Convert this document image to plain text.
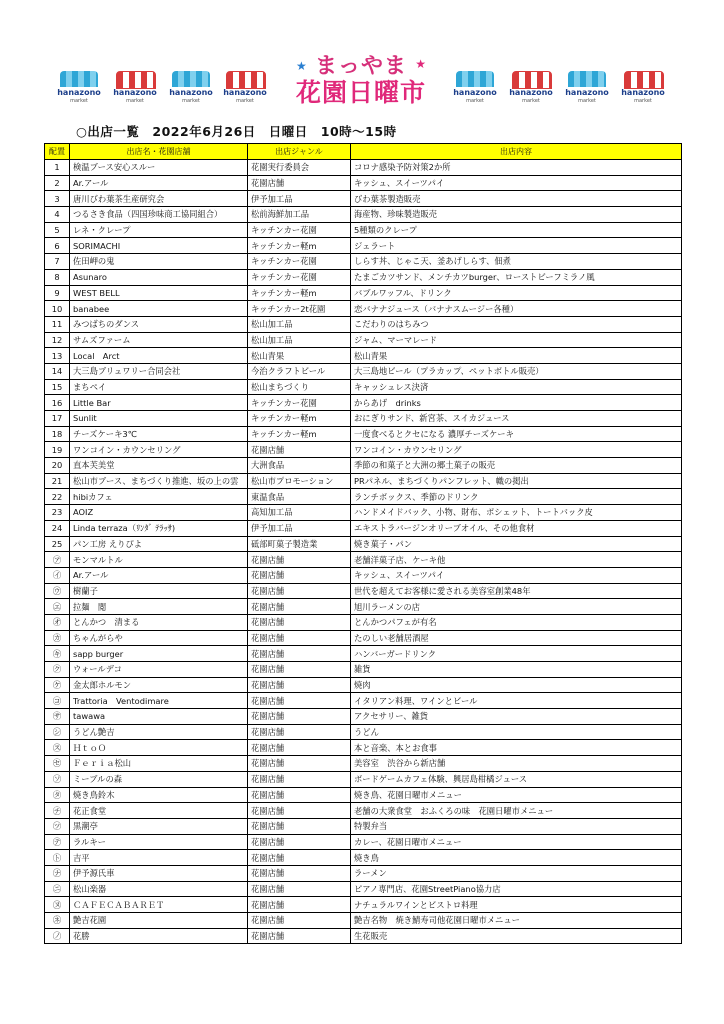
hanazono
market
hanazono
market
hanazono
market
hanazono
market
hanazono
market
hanazono
market
hanazono
market
hanazono
market
★	★
まっやま
花園日曜市
○出店一覧　2022年6月26日　日曜日　10時～15時
配置	出店名・花園店舗	出店ジャンル	出店内容
1	検温ブース安心スルー	花園実行委員会	コロナ感染予防対策2か所
2	Ar.アール	花園店舗	キッシュ、スイーツパイ
3	唐川びわ葉茶生産研究会	伊予加工品	びわ葉茶製造販売
4	つるさき食品（四国珍味商工協同組合）	松前海鮮加工品	海産物、珍味製造販売
5	レネ・クレープ	キッチンカー花園	5種類のクレープ
6	SORIMACHI	キッチンカー軽m	ジェラート
7	佐田岬の鬼	キッチンカー花園	しらす丼、じゃこ天、釜あげしらす、佃煮
8	Asunaro	キッチンカー花園	たまごカツサンド、メンチカツburger、ローストビーフミラノ風
9	WEST BELL	キッチンカー軽m	バブルワッフル、ドリンク
10	banabee	キッチンカー2t花園	恋バナナジュース（バナナスムージー各種）
11	みつばちのダンス	松山加工品	こだわりのはちみつ
12	サムズファーム	松山加工品	ジャム、マーマレード
13	Local　Arct	松山青果	松山青果
14	大三島ブリュワリー合同会社	今治クラフトビール	大三島地ビール（プラカップ、ペットボトル販売）
15	まちペイ	松山まちづくり	キャッシュレス決済
16	Little Bar	キッチンカー花園	からあげ　drinks
17	Sunlit	キッチンカー軽m	おにぎりサンド、新宮茶、スイカジュース
18	チーズケーキ3℃	キッチンカー軽m	一度食べるとクセになる 濃厚チーズケーキ
19	ワンコイン・カウンセリング	花園店舗	ワンコイン・カウンセリング
20	直本芙美堂	大洲食品	季節の和菓子と大洲の郷土菓子の販売
21	松山市ブース、まちづくり推進、坂の上の雲	松山市プロモーション	PRパネル、まちづくりパンフレット、幟の掲出
22	hibiカフェ	東温食品	ランチボックス、季節のドリンク
23	AOIZ	高知加工品	ハンドメイドバック、小物、財布、ポシェット、トートバック皮
24	Linda terraza（ﾘﾝﾀﾞ ﾃﾗｯｻ)	伊予加工品	エキストラバージンオリーブオイル、その他食材
25	パン工房 えりぴよ	砥部町菓子製造業	焼き菓子・パン
㋐	モンマルトル	花園店舗	老舗洋菓子店、ケーキ他
㋑	Ar.アール	花園店舗	キッシュ、スイーツパイ
㋒	樹蘭子	花園店舗	世代を超えてお客様に愛される美容室創業48年
㋓	拉麺　閲	花園店舗	旭川ラーメンの店
㋔	とんかつ　清まる	花園店舗	とんかつパフェが有名
㋕	ちゃんがらや	花園店舗	たのしい老舗居酒屋
㋖	sapp burger	花園店舗	ハンバーガードリンク
㋗	ウォールデコ	花園店舗	雑貨
㋘	金太郎ホルモン	花園店舗	焼肉
㋙	Trattoria　Ventodimare	花園店舗	イタリアン料理、ワインとビール
㋚	tawawa	花園店舗	アクセサリー、雑貨
㋛	うどん艶吉	花園店舗	うどん
㋜	ＨｔｏＯ	花園店舗	本と音楽、本とお食事
㋝	Ｆｅｒｉａ松山	花園店舗	美容室　渋谷から新店舗
㋞	ミーブルの森	花園店舗	ボードゲームカフェ体験、興居島柑橘ジュース
㋟	焼き鳥鈴木	花園店舗	焼き鳥、花園日曜市メニュー
㋠	花正食堂	花園店舗	老舗の大衆食堂　おふくろの味　花園日曜市メニュー
㋡	黒潮亭	花園店舗	特製弁当
㋢	ラルキー	花園店舗	カレー、花園日曜市メニュー
㋣	吉平	花園店舗	焼き鳥
㋤	伊予源氏車	花園店舗	ラーメン
㋥	松山楽器	花園店舗	ピアノ専門店、花園StreetPiano協力店
㋦	ＣＡＦＥＣＡＢＡＲＥＴ	花園店舗	ナチュラルワインとビストロ料理
㋧	艶吉花園	花園店舗	艶吉名物　焼き鯖寿司他花園日曜市メニュー
㋨	花勝	花園店舗	生花販売
